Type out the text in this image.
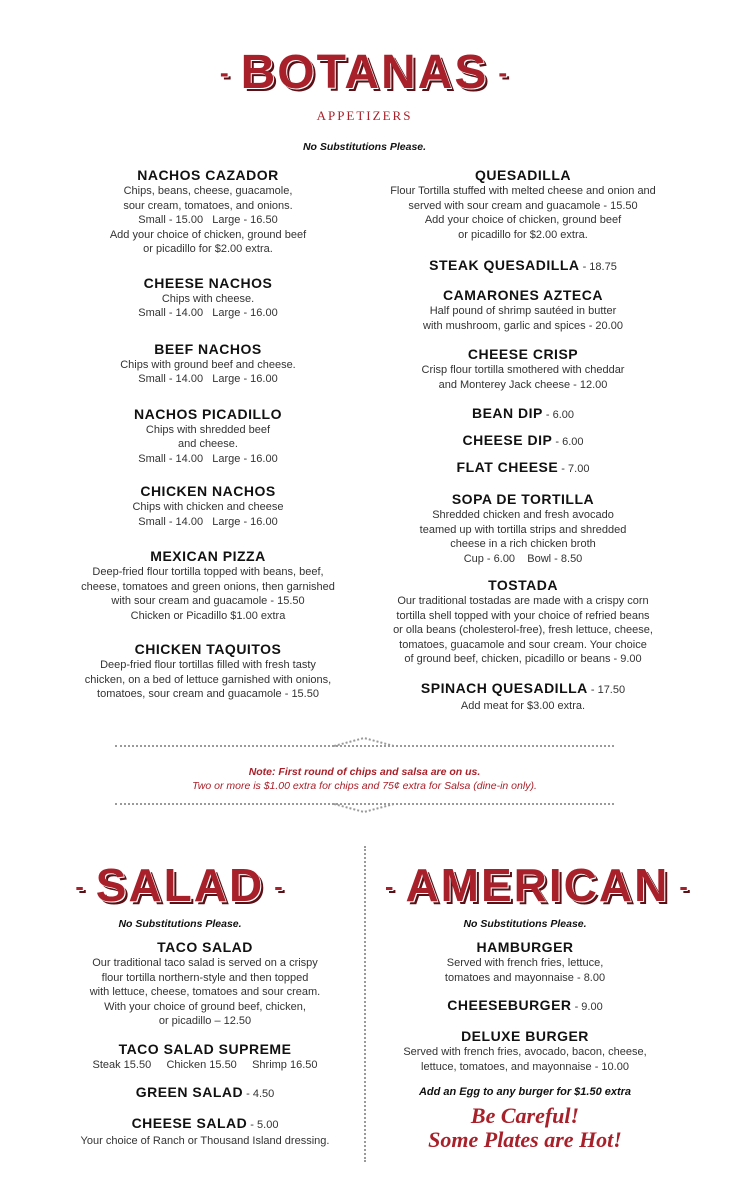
- BOTANAS -
APPETIZERS
No Substitutions Please.
NACHOS CAZADOR
Chips, beans, cheese, guacamole,
sour cream, tomatoes, and onions.
Small - 15.00   Large - 16.50
Add your choice of chicken, ground beef
or picadillo for $2.00 extra.
CHEESE NACHOS
Chips with cheese.
Small - 14.00   Large - 16.00
BEEF NACHOS
Chips with ground beef and cheese.
Small - 14.00   Large - 16.00
NACHOS PICADILLO
Chips with shredded beef
and cheese.
Small - 14.00   Large - 16.00
CHICKEN NACHOS
Chips with chicken and cheese
Small - 14.00   Large - 16.00
MEXICAN PIZZA
Deep-fried flour tortilla topped with beans, beef,
cheese, tomatoes and green onions, then garnished
with sour cream and guacamole - 15.50
Chicken or Picadillo $1.00 extra
CHICKEN TAQUITOS
Deep-fried flour tortillas filled with fresh tasty
chicken, on a bed of lettuce garnished with onions,
tomatoes, sour cream and guacamole - 15.50
QUESADILLA
Flour Tortilla stuffed with melted cheese and onion and
served with sour cream and guacamole - 15.50
Add your choice of chicken, ground beef
or picadillo for $2.00 extra.
STEAK QUESADILLA - 18.75
CAMARONES AZTECA
Half pound of shrimp sautéed in butter
with mushroom, garlic and spices - 20.00
CHEESE CRISP
Crisp flour tortilla smothered with cheddar
and Monterey Jack cheese - 12.00
BEAN DIP - 6.00
CHEESE DIP - 6.00
FLAT CHEESE - 7.00
SOPA DE TORTILLA
Shredded chicken and fresh avocado
teamed up with tortilla strips and shredded
cheese in a rich chicken broth
Cup - 6.00    Bowl - 8.50
TOSTADA
Our traditional tostadas are made with a crispy corn
tortilla shell topped with your choice of refried beans
or olla beans (cholesterol-free), fresh lettuce, cheese,
tomatoes, guacamole and sour cream. Your choice
of ground beef, chicken, picadillo or beans - 9.00
SPINACH QUESADILLA - 17.50
Add meat for $3.00 extra.
Note: First round of chips and salsa are on us.
Two or more is $1.00 extra for chips and 75¢ extra for Salsa (dine-in only).
- SALAD -
No Substitutions Please.
TACO SALAD
Our traditional taco salad is served on a crispy
flour tortilla northern-style and then topped
with lettuce, cheese, tomatoes and sour cream.
With your choice of ground beef, chicken,
or picadillo – 12.50
TACO SALAD SUPREME
Steak 15.50     Chicken 15.50     Shrimp 16.50
GREEN SALAD - 4.50
CHEESE SALAD - 5.00
Your choice of Ranch or Thousand Island dressing.
- AMERICAN -
No Substitutions Please.
HAMBURGER
Served with french fries, lettuce,
tomatoes and mayonnaise - 8.00
CHEESEBURGER - 9.00
DELUXE BURGER
Served with french fries, avocado, bacon, cheese,
lettuce, tomatoes, and mayonnaise - 10.00
Add an Egg to any burger for $1.50 extra
Be Careful!
Some Plates are Hot!
